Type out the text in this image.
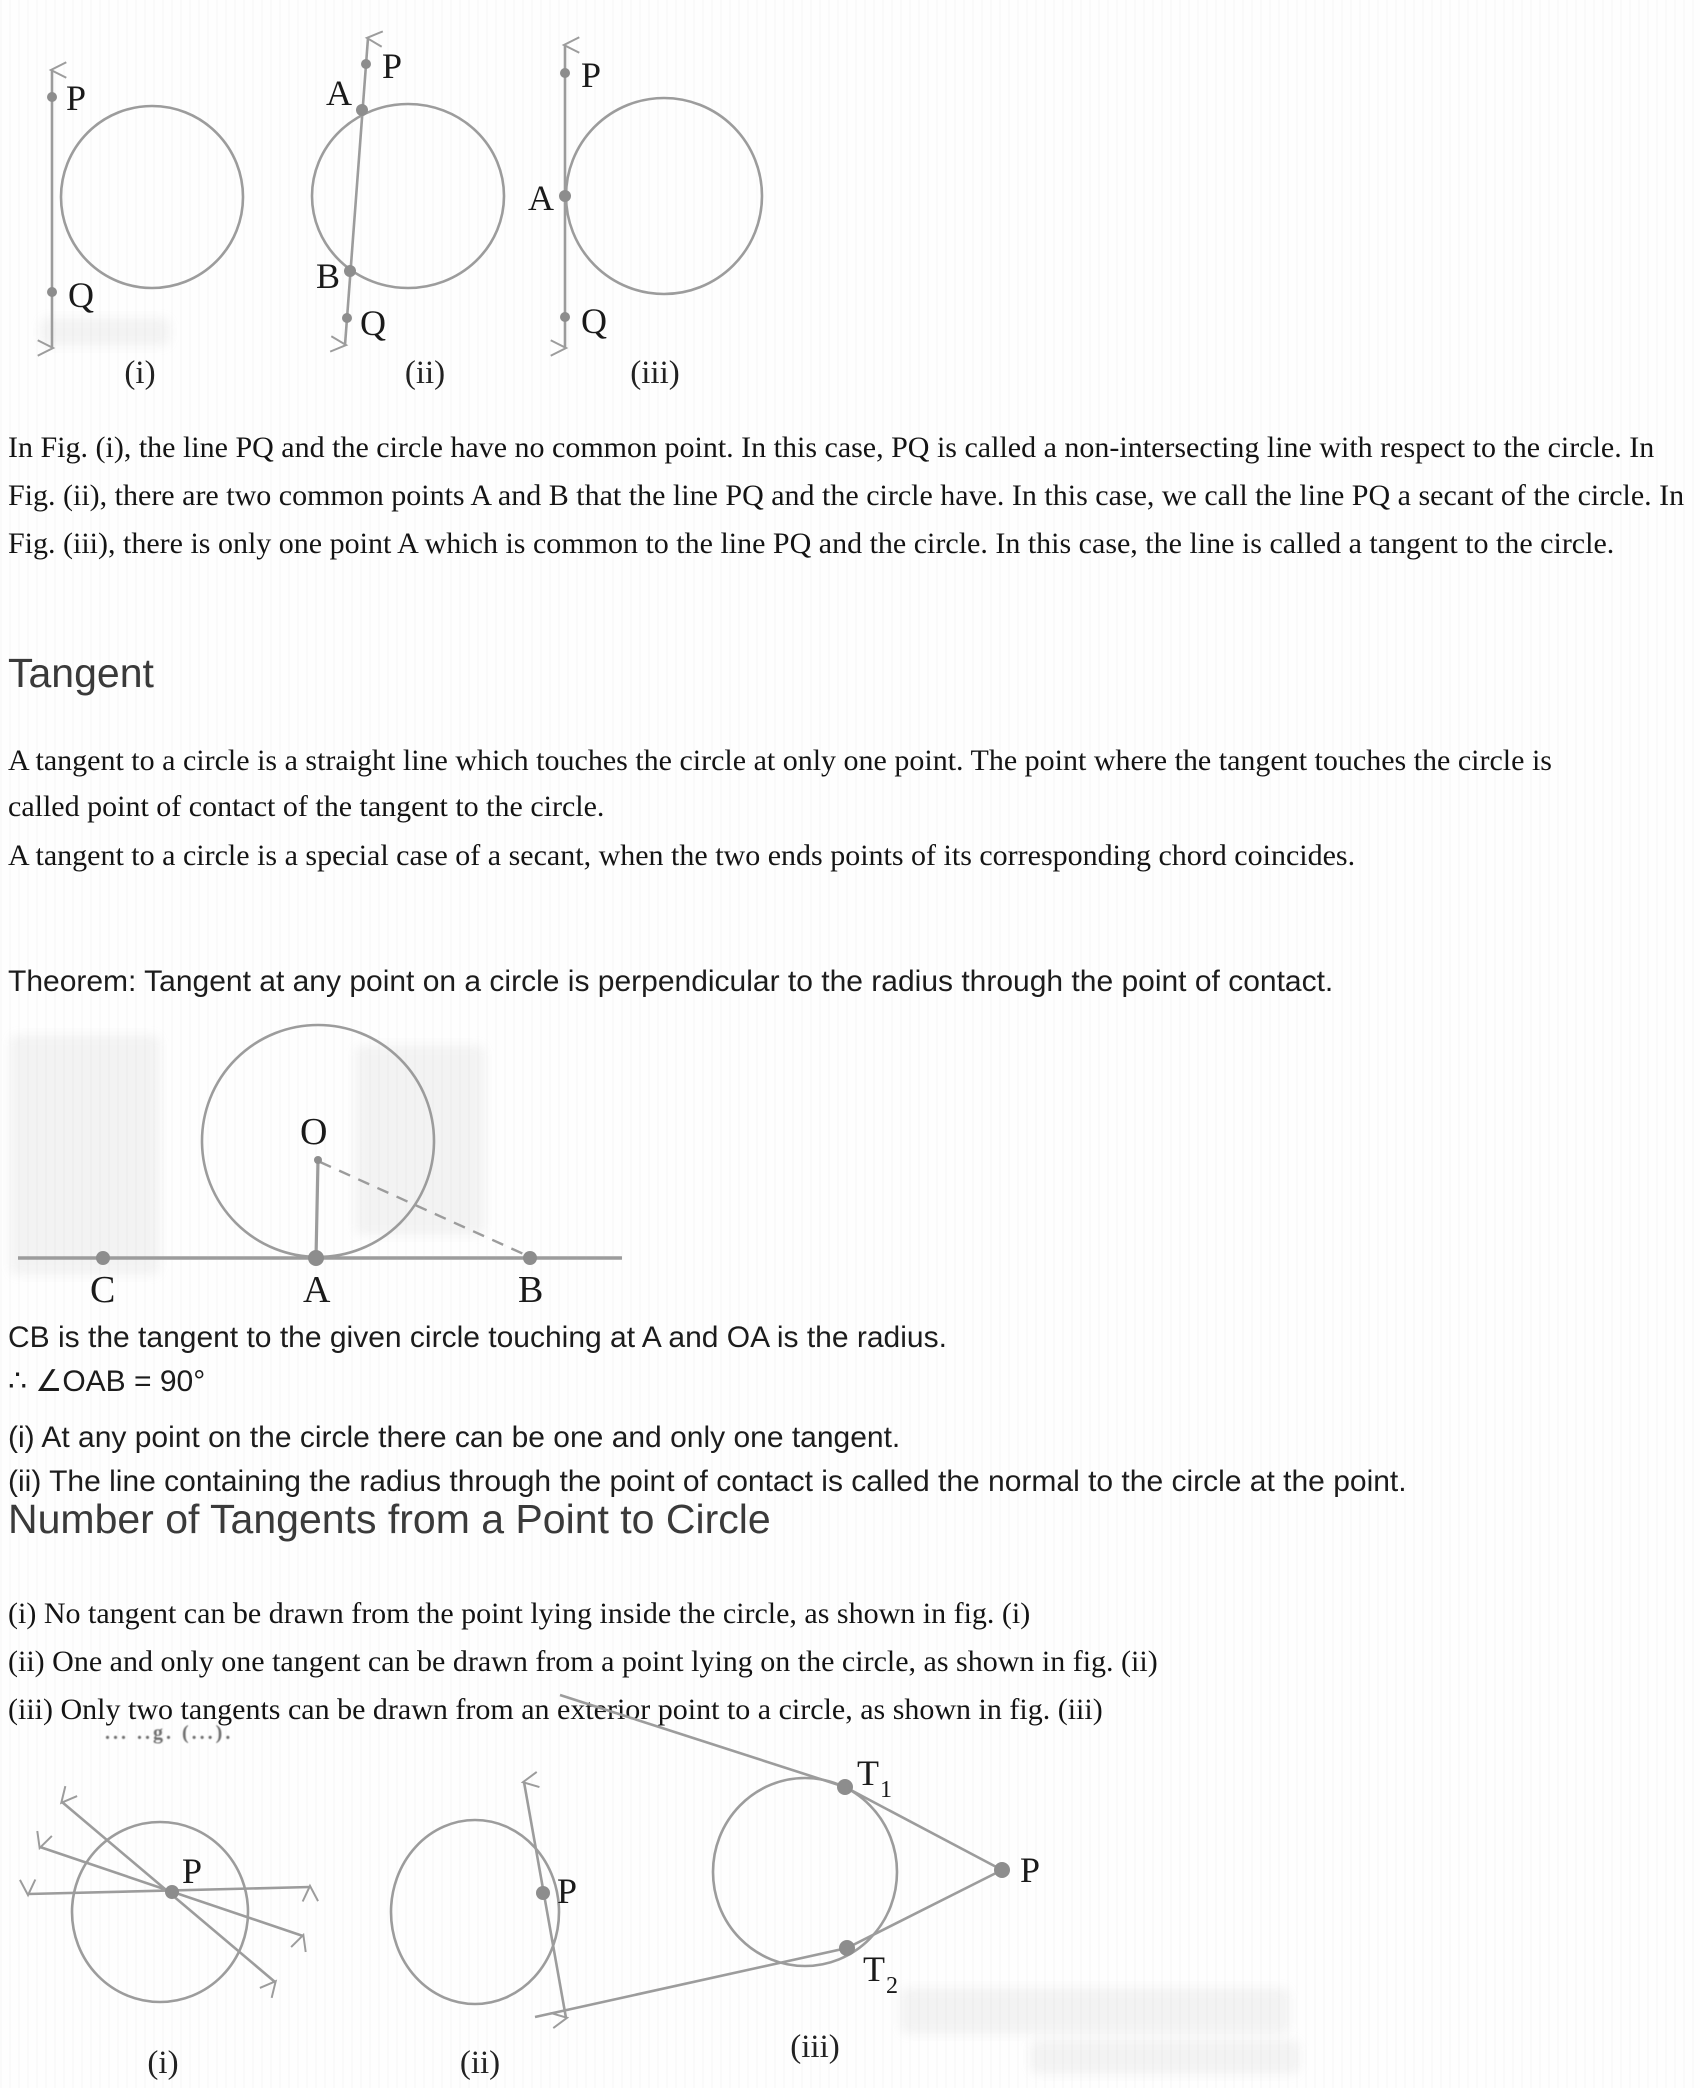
P
Q
(i)
P
A
B
Q
(ii)
P
A
Q
(iii)

In Fig. (i), the line PQ and the circle have no common point. In this case, PQ is called a non-intersecting line with respect to the circle. In Fig. (ii), there are two common points A and B that the line PQ and the circle have. In this case, we call the line PQ a secant of the circle. In Fig. (iii), there is only one point A which is common to the line PQ and the circle. In this case, the line is called a tangent to the circle.

Tangent

A tangent to a circle is a straight line which touches the circle at only one point. The point where the tangent touches the circle is called point of contact of the tangent to the circle.

A tangent to a circle is a special case of a secant, when the two ends points of its corresponding chord coincides.

Theorem: Tangent at any point on a circle is perpendicular to the radius through the point of contact.

O
C	A	B

CB is the tangent to the given circle touching at A and OA is the radius.

∴ ∠OAB = 90°

(i) At any point on the circle there can be one and only one tangent.

(ii) The line containing the radius through the point of contact is called the normal to the circle at the point.

Number of Tangents from a Point to Circle

(i) No tangent can be drawn from the point lying inside the circle, as shown in fig. (i)

(ii) One and only one tangent can be drawn from a point lying on the circle, as shown in fig. (ii)

(iii) Only two tangents can be drawn from an exterior point to a circle, as shown in fig. (iii)

... ..g. (...).
P
(i)
P
(ii)
T 1
T 2
P
(iii)
